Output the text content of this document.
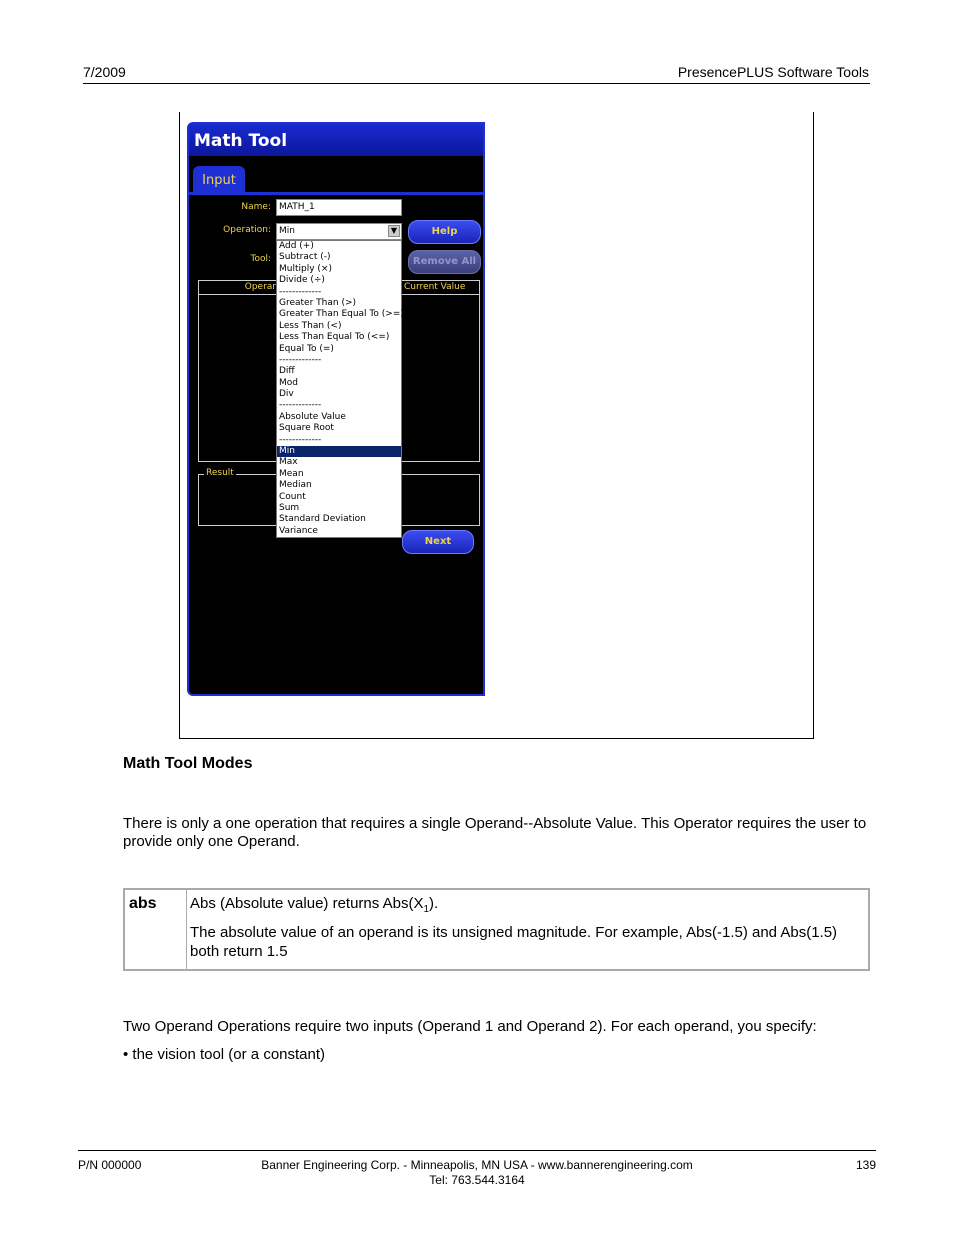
7/2009	PresencePLUS Software Tools
Math Tool
Input
Name: MATH_1
Operation: Min	▼
Tool:
Help
Remove All
Operar	Current Value
Result
Next
Add (+)
Subtract (-)
Multiply (×)
Divide (÷)
-------------
Greater Than (>)
Greater Than Equal To (>=)
Less Than (<)
Less Than Equal To (<=)
Equal To (=)
-------------
Diff
Mod
Div
-------------
Absolute Value
Square Root
-------------
Min
Max
Mean
Median
Count
Sum
Standard Deviation
Variance
Math Tool Modes
There is only a one operation that requires a single Operand--Absolute Value. This Operator requires the user to provide only one Operand.
abs Abs (Absolute value) returns $Abs(X_1)$.
The absolute value of an operand is its unsigned magnitude. For example, Abs(-1.5) and Abs(1.5) both return 1.5
Two Operand Operations require two inputs (Operand 1 and Operand 2). For each operand, you specify:
• the vision tool (or a constant)
P/N 000000	Banner Engineering Corp. - Minneapolis, MN USA - www.bannerengineering.com
Tel: 763.544.3164
139
